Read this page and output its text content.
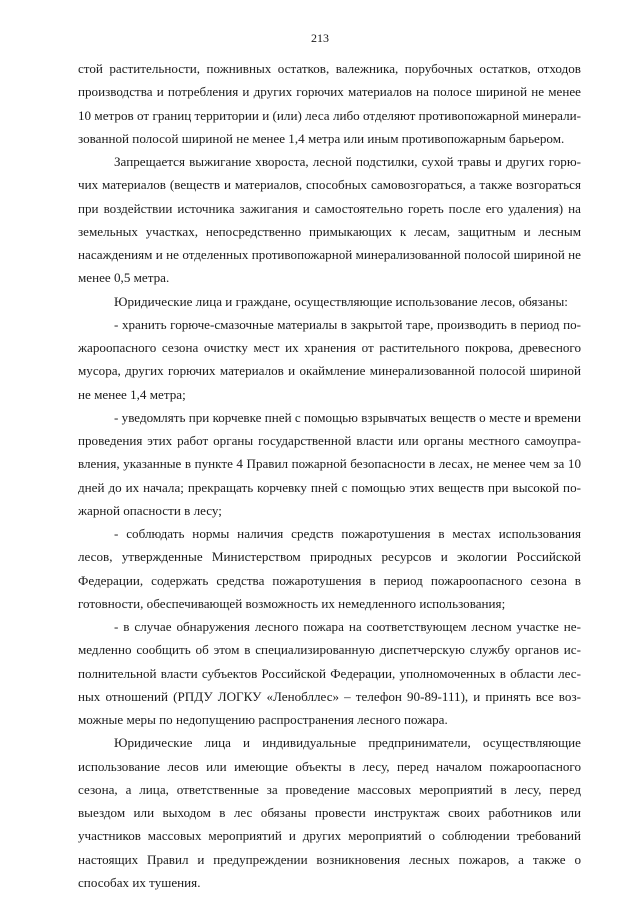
213

стой растительности, пожнивных остатков, валежника, порубочных остатков, отходов производства и потребления и других горючих материалов на полосе шириной не менее 10 метров от границ территории и (или) леса либо отделяют противопожарной минерализованной полосой шириной не менее 1,4 метра или иным противопожарным барьером.

Запрещается выжигание хвороста, лесной подстилки, сухой травы и других горючих материалов (веществ и материалов, способных самовозгораться, а также возгораться при воздействии источника зажигания и самостоятельно гореть после его удаления) на земельных участках, непосредственно примыкающих к лесам, защитным и лесным насаждениям и не отделенных противопожарной минерализованной полосой шириной не менее 0,5 метра.

Юридические лица и граждане, осуществляющие использование лесов, обязаны:

- хранить горюче-смазочные материалы в закрытой таре, производить в период пожароопасного сезона очистку мест их хранения от растительного покрова, древесного мусора, других горючих материалов и окаймление минерализованной полосой шириной не менее 1,4 метра;

- уведомлять при корчевке пней с помощью взрывчатых веществ о месте и времени проведения этих работ органы государственной власти или органы местного самоуправления, указанные в пункте 4 Правил пожарной безопасности в лесах, не менее чем за 10 дней до их начала; прекращать корчевку пней с помощью этих веществ при высокой пожарной опасности в лесу;

- соблюдать нормы наличия средств пожаротушения в местах использования лесов, утвержденные Министерством природных ресурсов и экологии Российской Федерации, содержать средства пожаротушения в период пожароопасного сезона в готовности, обеспечивающей возможность их немедленного использования;

- в случае обнаружения лесного пожара на соответствующем лесном участке немедленно сообщить об этом в специализированную диспетчерскую службу органов исполнительной власти субъектов Российской Федерации, уполномоченных в области лесных отношений (РПДУ ЛОГКУ «Ленобллес» – телефон 90-89-111), и принять все возможные меры по недопущению распространения лесного пожара.

Юридические лица и индивидуальные предприниматели, осуществляющие использование лесов или имеющие объекты в лесу, перед началом пожароопасного сезона, а лица, ответственные за проведение массовых мероприятий в лесу, перед выездом или выходом в лес обязаны провести инструктаж своих работников или участников массовых мероприятий и других мероприятий о соблюдении требований настоящих Правил и предупреждении возникновения лесных пожаров, а также о способах их тушения.
